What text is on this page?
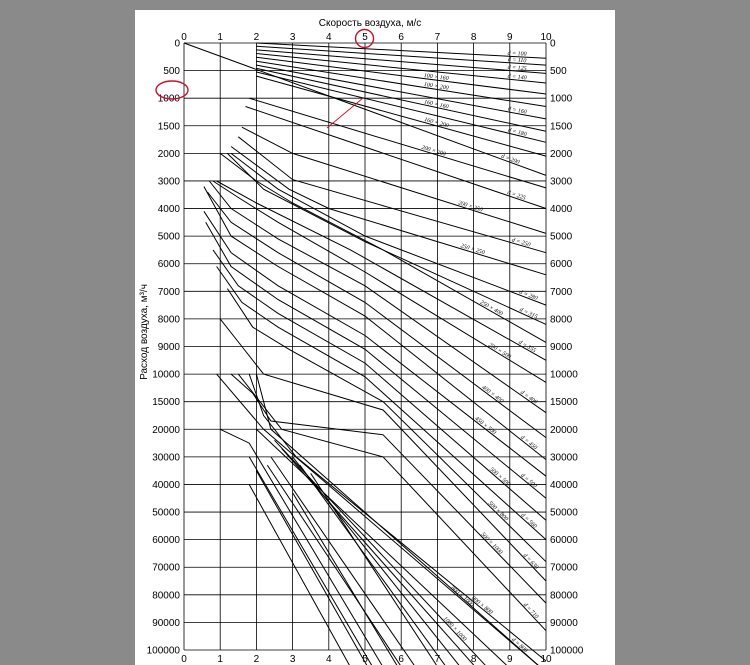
d = 100
d = 110
d = 125
d = 140
100 × 160
100 × 200
d = 160
160 × 160
d = 180
160 × 200
d = 200
200 × 200
d = 225
200 × 250
d = 250
250 × 250
d = 280
d = 315
250 × 400
d = 355
250 × 500
d = 400
400 × 400
d = 450
450 × 500
d = 500
500 × 500
d = 560
500 × 800
d = 630
500 × 1000
d = 710
800 × 800
d = 800
800 × 1000
1000 × 1000
0	0
500	500
1000	1000
1500	1500
2000	2000
3000	3000
4000	4000
5000	5000
6000	6000
7000	7000
8000	8000
9000	9000
10000	10000
15000	15000
20000	20000
30000	30000
40000	40000
50000	50000
60000	60000
70000	70000
80000	80000
90000	90000
100000	100000
0
0
1
1
2
2
3
3
4
4
5
5
6
6
7
7
8
8
9
9
10
10
Скорость воздуха, м/с
Расход воздуха, м³/ч
